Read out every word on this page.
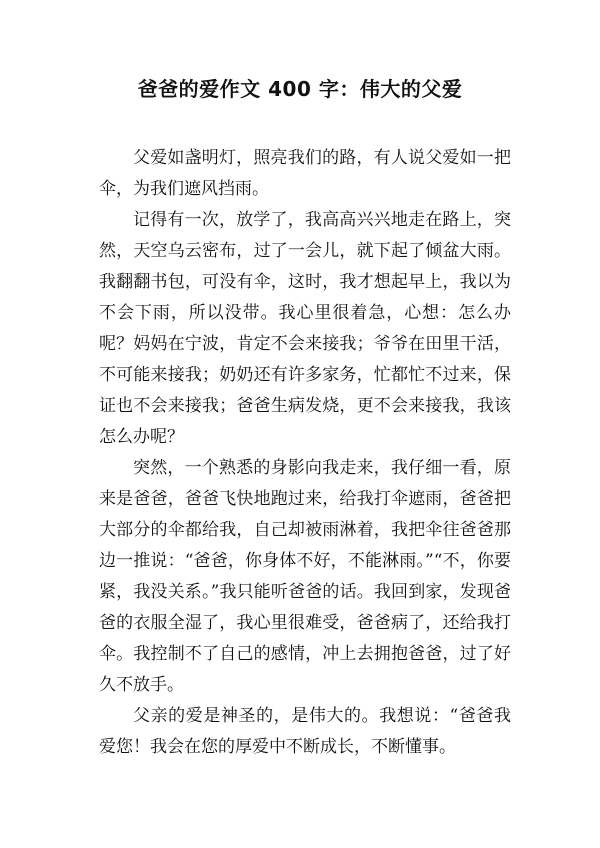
爸爸的爱作文 400 字：伟大的父爱

父爱如盏明灯，照亮我们的路，有人说父爱如一把伞，为我们遮风挡雨。

记得有一次，放学了，我高高兴兴地走在路上，突然，天空乌云密布，过了一会儿，就下起了倾盆大雨。我翻翻书包，可没有伞，这时，我才想起早上，我以为不会下雨，所以没带。我心里很着急，心想：怎么办呢？妈妈在宁波，肯定不会来接我；爷爷在田里干活，不可能来接我；奶奶还有许多家务，忙都忙不过来，保证也不会来接我；爸爸生病发烧，更不会来接我，我该怎么办呢？

突然，一个熟悉的身影向我走来，我仔细一看，原来是爸爸，爸爸飞快地跑过来，给我打伞遮雨，爸爸把大部分的伞都给我，自己却被雨淋着，我把伞往爸爸那边一推说：“爸爸，你身体不好，不能淋雨。”“不，你要紧，我没关系。”我只能听爸爸的话。我回到家，发现爸爸的衣服全湿了，我心里很难受，爸爸病了，还给我打伞。我控制不了自己的感情，冲上去拥抱爸爸，过了好久不放手。

父亲的爱是神圣的，是伟大的。我想说：“爸爸我爱您！我会在您的厚爱中不断成长，不断懂事。
